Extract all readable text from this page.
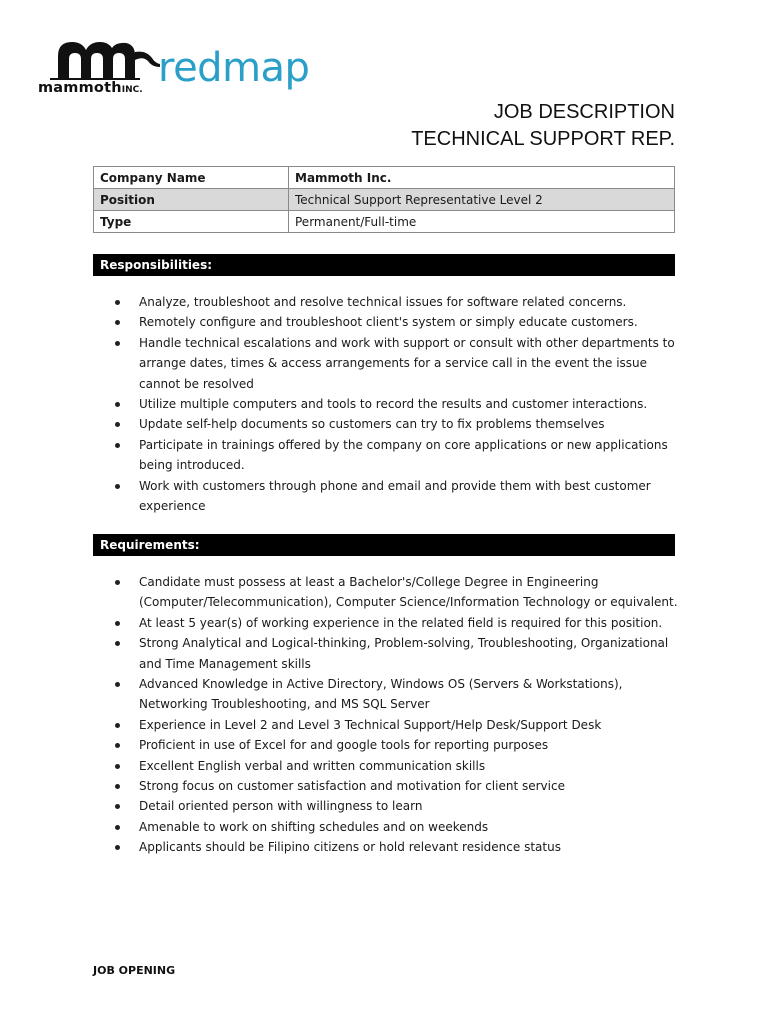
mammothINC. redmap
JOB DESCRIPTION
TECHNICAL SUPPORT REP.
Company Name	Mammoth Inc.
Position	Technical Support Representative Level 2
Type	Permanent/Full-time
Responsibilities:
Analyze, troubleshoot and resolve technical issues for software related concerns.
Remotely configure and troubleshoot client's system or simply educate customers.
Handle technical escalations and work with support or consult with other departments to arrange dates, times & access arrangements for a service call in the event the issue cannot be resolved
Utilize multiple computers and tools to record the results and customer interactions.
Update self-help documents so customers can try to fix problems themselves
Participate in trainings offered by the company on core applications or new applications being introduced.
Work with customers through phone and email and provide them with best customer experience
Requirements:
Candidate must possess at least a Bachelor's/College Degree in Engineering (Computer/Telecommunication), Computer Science/Information Technology or equivalent.
At least 5 year(s) of working experience in the related field is required for this position.
Strong Analytical and Logical-thinking, Problem-solving, Troubleshooting, Organizational and Time Management skills
Advanced Knowledge in Active Directory, Windows OS (Servers & Workstations), Networking Troubleshooting, and MS SQL Server
Experience in Level 2 and Level 3 Technical Support/Help Desk/Support Desk
Proficient in use of Excel for and google tools for reporting purposes
Excellent English verbal and written communication skills
Strong focus on customer satisfaction and motivation for client service
Detail oriented person with willingness to learn
Amenable to work on shifting schedules and on weekends
Applicants should be Filipino citizens or hold relevant residence status
JOB OPENING
